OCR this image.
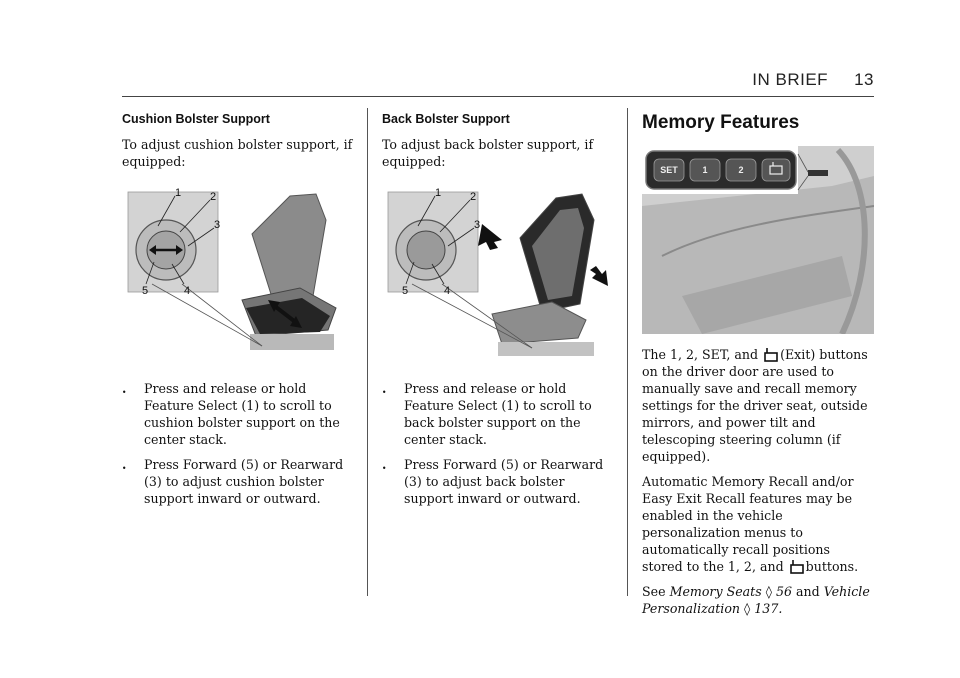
IN BRIEF 13
Cushion Bolster Support

To adjust cushion bolster support, if equipped:

1	2
3
4
5
.	Press and release or hold Feature Select (1) to scroll to cushion bolster support on the center stack.
.	Press Forward (5) or Rearward (3) to adjust cushion bolster support inward or outward.
Back Bolster Support

To adjust back bolster support, if equipped:

1	2
3
4
5
.	Press and release or hold Feature Select (1) to scroll to back bolster support on the center stack.
.	Press Forward (5) or Rearward (3) to adjust back bolster support inward or outward.
Memory Features
SET	1	2

The 1, 2, SET, and (Exit) buttons on the driver door are used to manually save and recall memory settings for the driver seat, outside mirrors, and power tilt and telescoping steering column (if equipped).

Automatic Memory Recall and/or Easy Exit Recall features may be enabled in the vehicle personalization menus to automatically recall positions stored to the 1, 2, and buttons.

See Memory Seats ◊ 56 and Vehicle Personalization ◊ 137.
